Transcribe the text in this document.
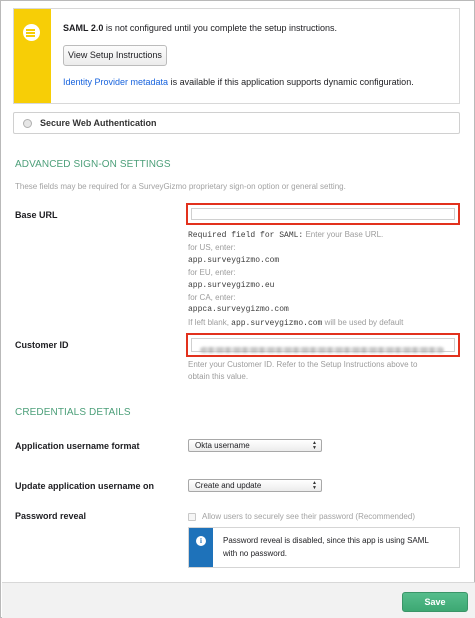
SAML 2.0 is not configured until you complete the setup instructions.
View Setup Instructions
Identity Provider metadata is available if this application supports dynamic configuration.
Secure Web Authentication
ADVANCED SIGN-ON SETTINGS
These fields may be required for a SurveyGizmo proprietary sign-on option or general setting.
Base URL
Required field for SAML: Enter your Base URL.
for US, enter:
app.surveygizmo.com
for EU, enter:
app.surveygizmo.eu
for CA, enter:
appca.surveygizmo.com
If left blank, app.surveygizmo.com will be used by default
Customer ID
Enter your Customer ID. Refer to the Setup Instructions above to
obtain this value.
CREDENTIALS DETAILS
Application username format	Okta username	▲
▼
Update application username on	Create and update	▲
▼
Password reveal	Allow users to securely see their password (Recommended)
i	Password reveal is disabled, since this app is using SAML
with no password.
Save
